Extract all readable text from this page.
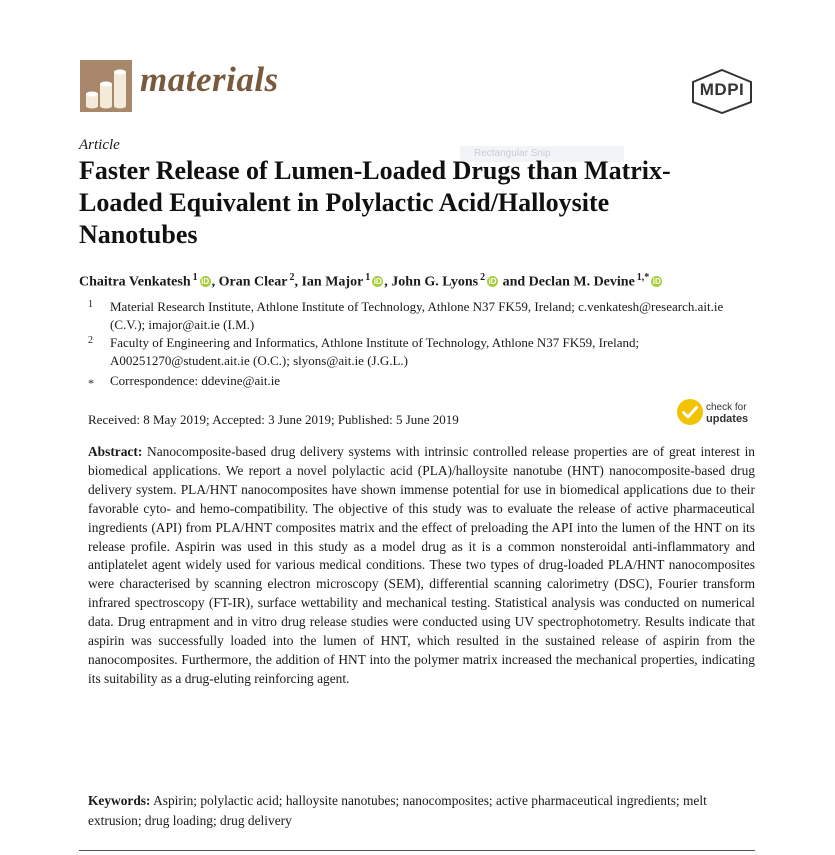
materials	MDPI
Rectangular Snip
Article
Faster Release of Lumen-Loaded Drugs than Matrix-Loaded Equivalent in Polylactic Acid/Halloysite Nanotubes
Chaitra Venkatesh $^1$ iD , Oran Clear $^2$, Ian Major $^1$ iD , John G. Lyons $^2$ iD and Declan M. Devine $^{1,*}$ iD
1 Material Research Institute, Athlone Institute of Technology, Athlone N37 FK59, Ireland; c.venkatesh@research.ait.ie (C.V.); imajor@ait.ie (I.M.)
2 Faculty of Engineering and Informatics, Athlone Institute of Technology, Athlone N37 FK59, Ireland; A00251270@student.ait.ie (O.C.); slyons@ait.ie (J.G.L.)
* Correspondence: ddevine@ait.ie
Received: 8 May 2019; Accepted: 3 June 2019; Published: 5 June 2019
check for
updates
Abstract: Nanocomposite-based drug delivery systems with intrinsic controlled release properties are of great interest in biomedical applications. We report a novel polylactic acid (PLA)/halloysite nanotube (HNT) nanocomposite-based drug delivery system. PLA/HNT nanocomposites have shown immense potential for use in biomedical applications due to their favorable cyto- and hemo-compatibility. The objective of this study was to evaluate the release of active pharmaceutical ingredients (API) from PLA/HNT composites matrix and the effect of preloading the API into the lumen of the HNT on its release profile. Aspirin was used in this study as a model drug as it is a common nonsteroidal anti-inflammatory and antiplatelet agent widely used for various medical conditions. These two types of drug-loaded PLA/HNT nanocomposites were characterised by scanning electron microscopy (SEM), differential scanning calorimetry (DSC), Fourier transform infrared spectroscopy (FT-IR), surface wettability and mechanical testing. Statistical analysis was conducted on numerical data. Drug entrapment and in vitro drug release studies were conducted using UV spectrophotometry. Results indicate that aspirin was successfully loaded into the lumen of HNT, which resulted in the sustained release of aspirin from the nanocomposites. Furthermore, the addition of HNT into the polymer matrix increased the mechanical properties, indicating its suitability as a drug-eluting reinforcing agent.
Keywords: Aspirin; polylactic acid; halloysite nanotubes; nanocomposites; active pharmaceutical ingredients; melt extrusion; drug loading; drug delivery
